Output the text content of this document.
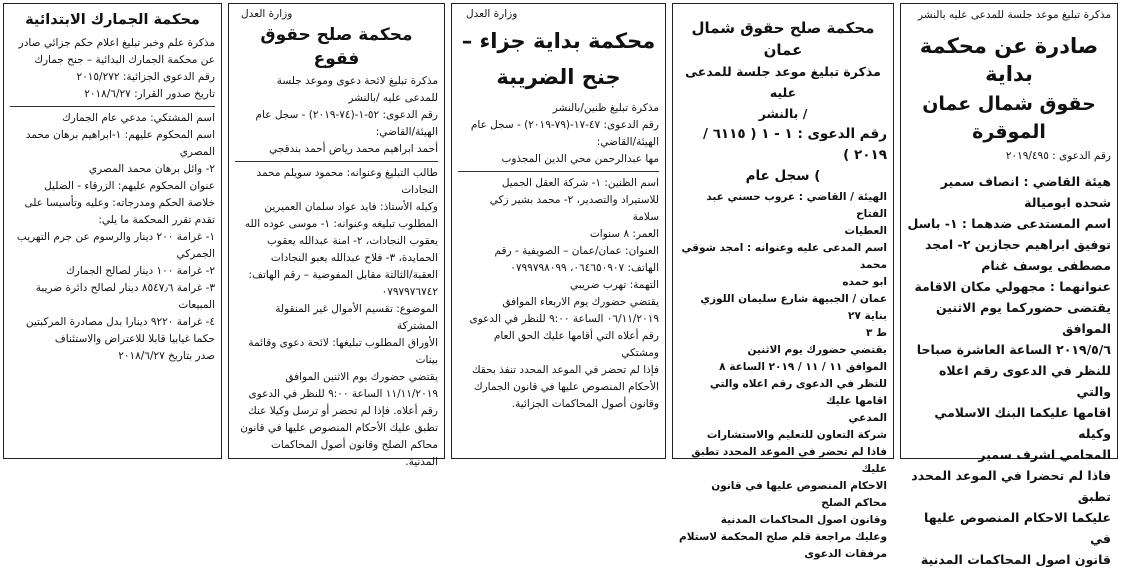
مذكرة تبليغ موعد جلسة للمدعى عليه بالنشر

صادرة عن محكمة بداية
حقوق شمال عمان الموقرة

رقم الدعوى : ٢٠١٩/٤٩٥

هيئة القاضي : انصاف سمير شحده ابوميالة

اسم المستدعى ضدهما : ١- باسل

توفيق ابراهيم حجازين ٢- امجد

مصطفى يوسف غنام

عنوانهما : مجهولي مكان الاقامة

يقتضى حضوركما يوم الاثنين الموافق

٢٠١٩/٥/٦ الساعة العاشرة صباحا

للنظر في الدعوى رقم اعلاه والتي

اقامها عليكما البنك الاسلامي وكيله

المحامي اشرف سمير

فاذا لم تحضرا في الموعد المحدد تطبق

عليكما الاحكام المنصوص عليها في

قانون اصول المحاكمات المدنية

محكمة صلح حقوق شمال عمان
مذكرة تبليغ موعد جلسة للمدعى عليه
/ بالنشر
رقم الدعوى : ١ - ١ ( ٦١١٥ / ٢٠١٩ )
) سجل عام

الهيئة / القاضي : عروب حسني عبد الفتاح

العطيات

اسم المدعى عليه وعنوانه : امجد شوقي محمد

ابو حمده

عمان / الجبيهة شارع سليمان اللوزي بناية ٢٧

ط ٣

يقتضي حضورك يوم الاثنين

الموافق ١١ / ١١ / ٢٠١٩ الساعة ٨

للنظر في الدعوى رقم اعلاه والتي اقامها عليك

المدعي

شركة التعاون للتعليم والاستشارات

فاذا لم تحضر في الموعد المحدد تطبق عليك

الاحكام المنصوص عليها في قانون محاكم الصلح

وقانون اصول المحاكمات المدنية

وعليك مراجعة قلم صلح المحكمة لاستلام

مرفقات الدعوى

وزارة العدل

محكمة بداية جزاء –
جنح الضريبة

مذكرة تبليغ ظنين/بالنشر

رقم الدعوى: ٤٧-١٧-(٧٩-٢٠١٩) - سجل عام

الهيئة/القاضي:

مها عبدالرحمن محي الدين المجذوب

اسم الظنين: ١- شركة العقل الجميل

للاستيراد والتصدير، ٢- محمد بشير زكي

سلامة

العمر: ٨ سنوات

العنوان: عمان/عمان – الصويفية - رقم

الهاتف: ٠٦٤٦٥٠٩٠٧، ٠٧٩٩٧٩٨٠٩٩

التهمة: تهرب ضريبي

يقتضي حضورك يوم الاربعاء الموافق

٠٦/١١/٢٠١٩ الساعة ٩:٠٠ للنظر في الدعوى

رقم أعلاه التي أقامها عليك الحق العام

ومشتكي

فإذا لم تحضر في الموعد المحدد تنفذ بحقك

الأحكام المنصوص عليها في قانون الجمارك

وقانون أصول المحاكمات الجزائية.

وزارة العدل

محكمة صلح حقوق فقوع

مذكرة تبليغ لائحة دعوى وموعد جلسة

للمدعى عليه /بالنشر

رقم الدعوى: ٥٢-١-(٧٤-٢٠١٩) - سجل عام

الهيئة/القاضي:

أحمد ابراهيم محمد رياض أحمد بندقجي

طالب التبليغ وعنوانه: محمود سويلم محمد

النجادات

وكيله الأستاذ: فايد عواد سلمان العميرين

المطلوب تبليغه وعنوانه: ١- موسى عوده الله

يعقوب النجادات، ٢- امنة عبدالله يعقوب

الحمايدة، ٣- فلاح عبدالله يعبو النجادات

العقبة/الثالثة مقابل المفوضية – رقم الهاتف:

٠٧٩٧٩٧٦٧٤٢

الموضوع: تقسيم الأموال غير المنقولة المشتركة

الأوراق المطلوب تبليغها: لائحة دعوى وقائمة

بينات

يقتضي حضورك يوم الاثنين الموافق

١١/١١/٢٠١٩ الساعة ٩:٠٠ للنظر في الدعوى

رقم أعلاه. فإذا لم تحضر أو ترسل وكيلا عنك

تطبق عليك الأحكام المنصوص عليها في قانون

محاكم الصلح وقانون أصول المحاكمات المدنية.

محكمة الجمارك الابتدائية

مذكرة علم وخبر تبليغ اعلام حكم جزائي صادر

عن محكمة الجمارك البدائية – جنح جمارك

رقم الدعوى الجزائية: ٢٠١٥/٢٧٢

تاريخ صدور القرار: ٢٠١٨/٦/٢٧

اسم المشتكي: مدعي عام الجمارك

اسم المحكوم عليهم: ١-ابراهيم برهان محمد

المصري

٢- وائل برهان محمد المصري

عنوان المحكوم عليهم: الزرقاء - الضليل

خلاصة الحكم ومدرجاته: وعليه وتأسيسا على

تقدم تقرر المحكمة ما يلي:

١- غرامة ٢٠٠ دينار والرسوم عن جرم التهريب

الجمركي

٢- غرامة ١٠٠ دينار لصالح الجمارك

٣- غرامة ٨٥٤٧٫٦ دينار لصالح دائرة ضريبة

المبيعات

٤- غرامة ٩٢٢٠ دينارا بدل مصادرة المركبتين

حكما غيابيا قابلا للاعتراض والاستئناف

صدر بتاريخ ٢٠١٨/٦/٢٧
